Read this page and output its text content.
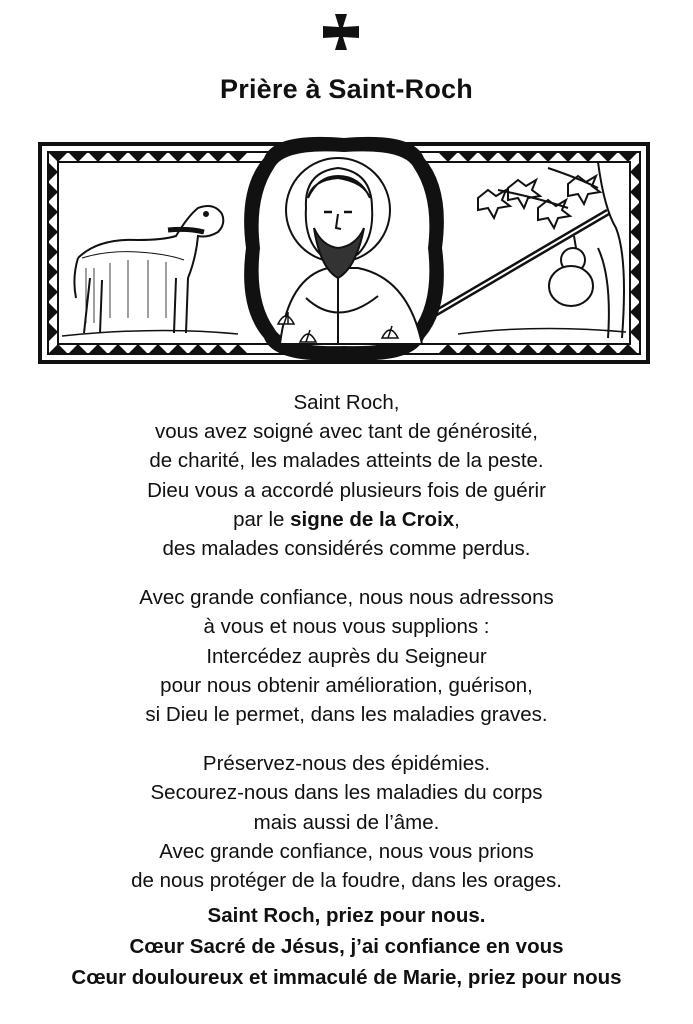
Prière à Saint-Roch
Saint Roch,
vous avez soigné avec tant de générosité,
de charité, les malades atteints de la peste.
Dieu vous a accordé plusieurs fois de guérir
par le signe de la Croix,
des malades considérés comme perdus.
Avec grande confiance, nous nous adressons
à vous et nous vous supplions :
Intercédez auprès du Seigneur
pour nous obtenir amélioration, guérison,
si Dieu le permet, dans les maladies graves.
Préservez-nous des épidémies.
Secourez-nous dans les maladies du corps
mais aussi de l’âme.
Avec grande confiance, nous vous prions
de nous protéger de la foudre, dans les orages.
Saint Roch, priez pour nous.
Cœur Sacré de Jésus, j’ai confiance en vous
Cœur douloureux et immaculé de Marie, priez pour nous
